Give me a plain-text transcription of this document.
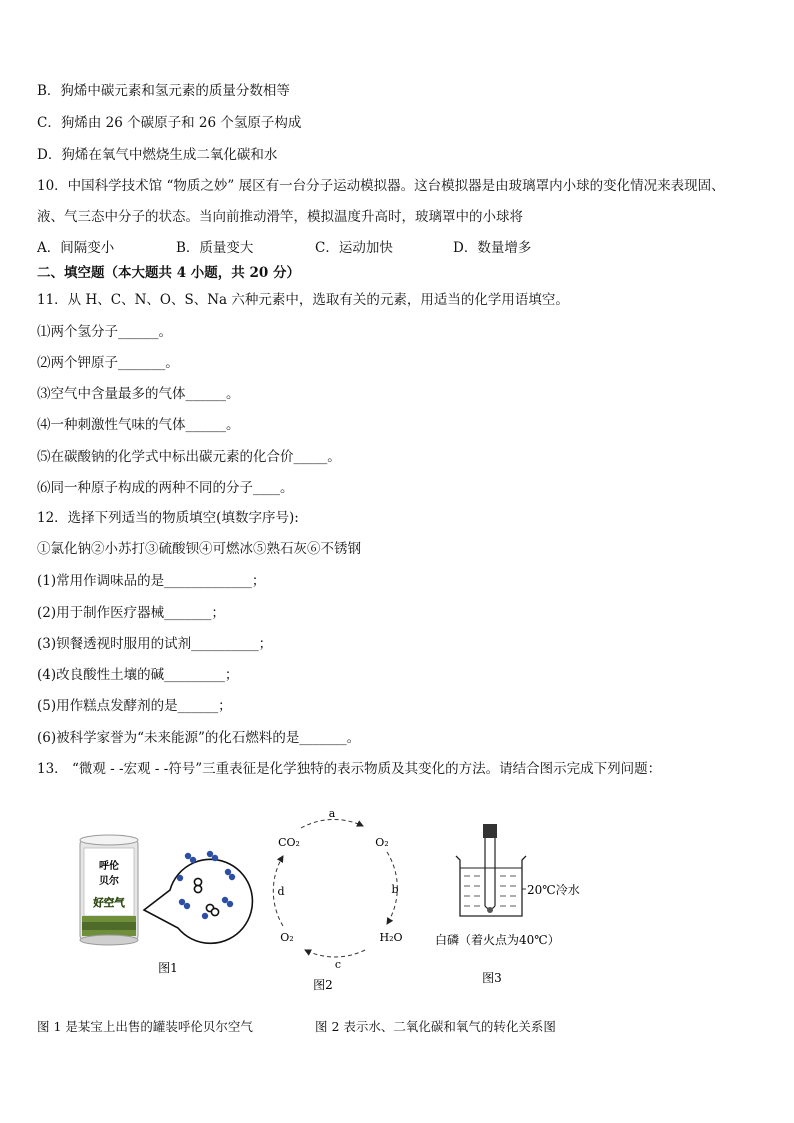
B．狗烯中碳元素和氢元素的质量分数相等
C．狗烯由 26 个碳原子和 26 个氢原子构成
D．狗烯在氧气中燃烧生成二氧化碳和水
10．中国科学技术馆 “物质之妙” 展区有一台分子运动模拟器。这台模拟器是由玻璃罩内小球的变化情况来表现固、
液、气三态中分子的状态。当向前推动滑竿，模拟温度升高时，玻璃罩中的小球将
A．间隔变小	B．质量变大	C．运动加快	D．数量增多
二、填空题（本大题共 4 小题，共 20 分）
11．从 H、C、N、O、S、Na 六种元素中，选取有关的元素，用适当的化学用语填空。
⑴两个氢分子______。
⑵两个钾原子_______。
⑶空气中含量最多的气体______。
⑷一种刺激性气味的气体______。
⑸在碳酸钠的化学式中标出碳元素的化合价_____。
⑹同一种原子构成的两种不同的分子____。
12．选择下列适当的物质填空(填数字序号):
①氯化钠②小苏打③硫酸钡④可燃冰⑤熟石灰⑥不锈钢
(1)常用作调味品的是_____________；
(2)用于制作医疗器械_______；
(3)钡餐透视时服用的试剂__________；
(4)改良酸性土壤的碱_________；
(5)用作糕点发酵剂的是______；
(6)被科学家誉为“未来能源”的化石燃料的是_______。
13． “微观 - -宏观 - -符号”三重表征是化学独特的表示物质及其变化的方法。请结合图示完成下列问题：
呼伦
贝尔
好空气
图1
CO₂	O₂
O₂	H₂O
a
b
c
d
图2
20℃冷水
白磷（着火点为40℃）
图3
图 1 是某宝上出售的罐装呼伦贝尔空气	图 2 表示水、二氧化碳和氧气的转化关系图
